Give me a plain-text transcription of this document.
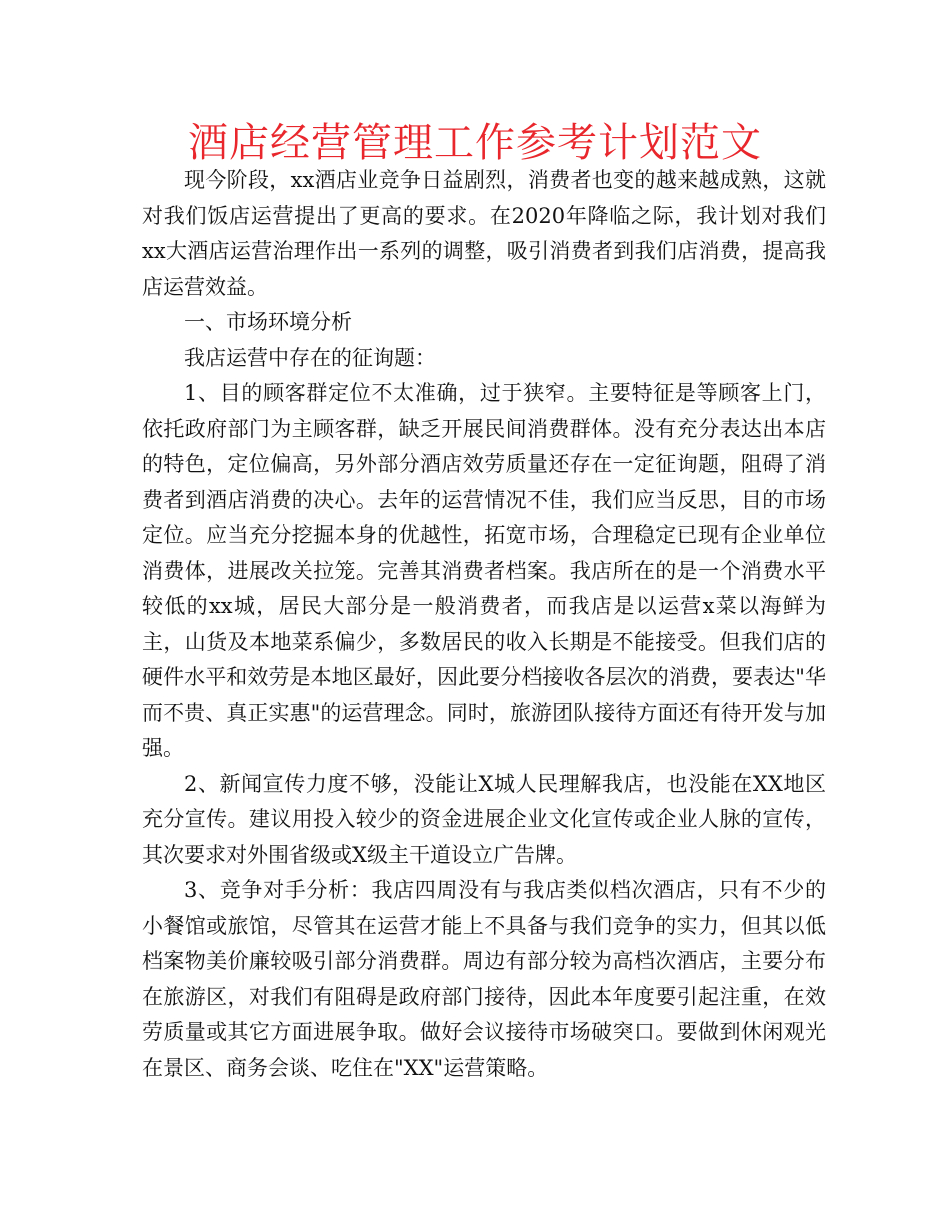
酒店经营管理工作参考计划范文

现今阶段，xx酒店业竞争日益剧烈，消费者也变的越来越成熟，这就对我们饭店运营提出了更高的要求。在2020年降临之际，我计划对我们xx大酒店运营治理作出一系列的调整，吸引消费者到我们店消费，提高我店运营效益。

一、市场环境分析

我店运营中存在的征询题：

1、目的顾客群定位不太准确，过于狭窄。主要特征是等顾客上门，依托政府部门为主顾客群，缺乏开展民间消费群体。没有充分表达出本店的特色，定位偏高，另外部分酒店效劳质量还存在一定征询题，阻碍了消费者到酒店消费的决心。去年的运营情况不佳，我们应当反思，目的市场定位。应当充分挖掘本身的优越性，拓宽市场，合理稳定已现有企业单位消费体，进展改关拉笼。完善其消费者档案。我店所在的是一个消费水平较低的xx城，居民大部分是一般消费者，而我店是以运营x菜以海鲜为主，山货及本地菜系偏少，多数居民的收入长期是不能接受。但我们店的硬件水平和效劳是本地区最好，因此要分档接收各层次的消费，要表达"华而不贵、真正实惠"的运营理念。同时，旅游团队接待方面还有待开发与加强。

2、新闻宣传力度不够，没能让X城人民理解我店，也没能在XX地区充分宣传。建议用投入较少的资金进展企业文化宣传或企业人脉的宣传，其次要求对外围省级或X级主干道设立广告牌。

3、竞争对手分析：我店四周没有与我店类似档次酒店，只有不少的小餐馆或旅馆，尽管其在运营才能上不具备与我们竞争的实力，但其以低档案物美价廉较吸引部分消费群。周边有部分较为高档次酒店，主要分布在旅游区，对我们有阻碍是政府部门接待，因此本年度要引起注重，在效劳质量或其它方面进展争取。做好会议接待市场破突口。要做到休闲观光在景区、商务会谈、吃住在"XX"运营策略。
